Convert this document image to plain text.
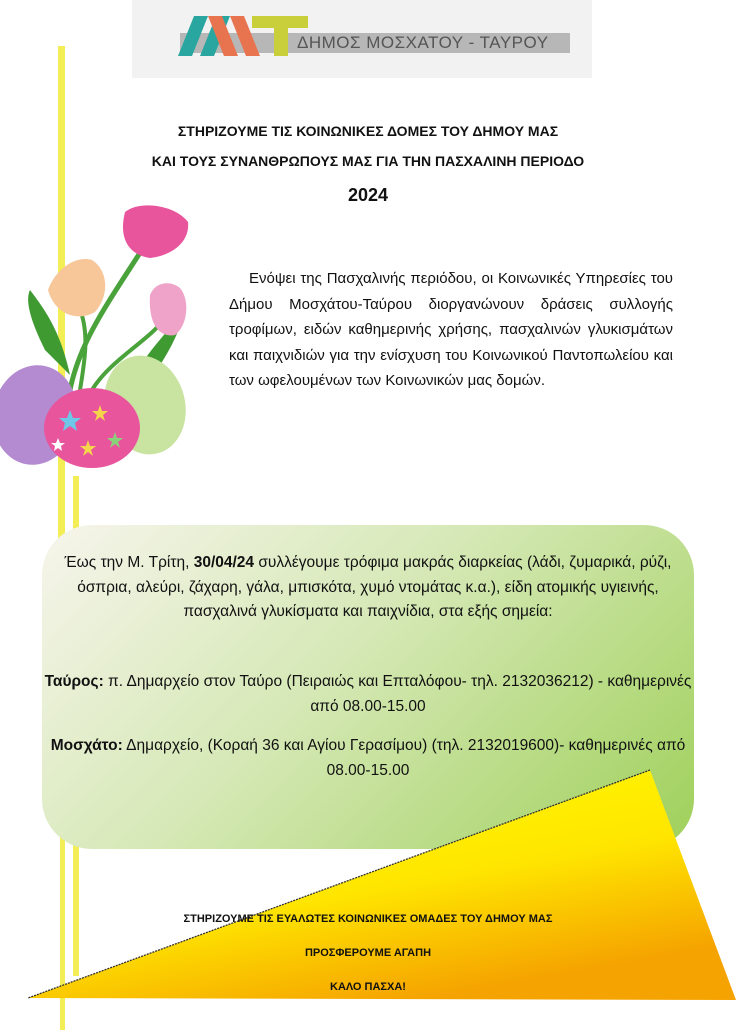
ΔΗΜΟΣ ΜΟΣΧΑΤΟΥ - ΤΑΥΡΟΥ
ΣΤΗΡΙΖΟΥΜΕ ΤΙΣ ΚΟΙΝΩΝΙΚΕΣ ΔΟΜΕΣ ΤΟΥ ΔΗΜΟΥ ΜΑΣ
ΚΑΙ ΤΟΥΣ ΣΥΝΑΝΘΡΩΠΟΥΣ ΜΑΣ ΓΙΑ ΤΗΝ ΠΑΣΧΑΛΙΝΗ ΠΕΡΙΟΔΟ
2024
Ενόψει της Πασχαλινής περιόδου, οι Κοινωνικές Υπηρεσίες του Δήμου Μοσχάτου-Ταύρου διοργανώνουν δράσεις συλλογής τροφίμων, ειδών καθημερινής χρήσης, πασχαλινών γλυκισμάτων και παιχνιδιών για την ενίσχυση του Κοινωνικού Παντοπωλείου και των ωφελουμένων των Κοινωνικών μας δομών.
Έως την Μ. Τρίτη, 30/04/24 συλλέγουμε τρόφιμα μακράς διαρκείας (λάδι, ζυμαρικά, ρύζι, όσπρια, αλεύρι, ζάχαρη, γάλα, μπισκότα, χυμό ντομάτας κ.α.), είδη ατομικής υγιεινής, πασχαλινά γλυκίσματα και παιχνίδια, στα εξής σημεία:
Ταύρος: π. Δημαρχείο στον Ταύρο (Πειραιώς και Επταλόφου- τηλ. 2132036212) - καθημερινές από 08.00-15.00
Μοσχάτο: Δημαρχείο, (Κοραή 36 και Αγίου Γερασίμου) (τηλ. 2132019600)- καθημερινές από 08.00-15.00
ΣΤΗΡΙΖΟΥΜΕ ΤΙΣ ΕΥΑΛΩΤΕΣ ΚΟΙΝΩΝΙΚΕΣ ΟΜΑΔΕΣ ΤΟΥ ΔΗΜΟΥ ΜΑΣ
ΠΡΟΣΦΕΡΟΥΜΕ ΑΓΑΠΗ
ΚΑΛΟ ΠΑΣΧΑ!
